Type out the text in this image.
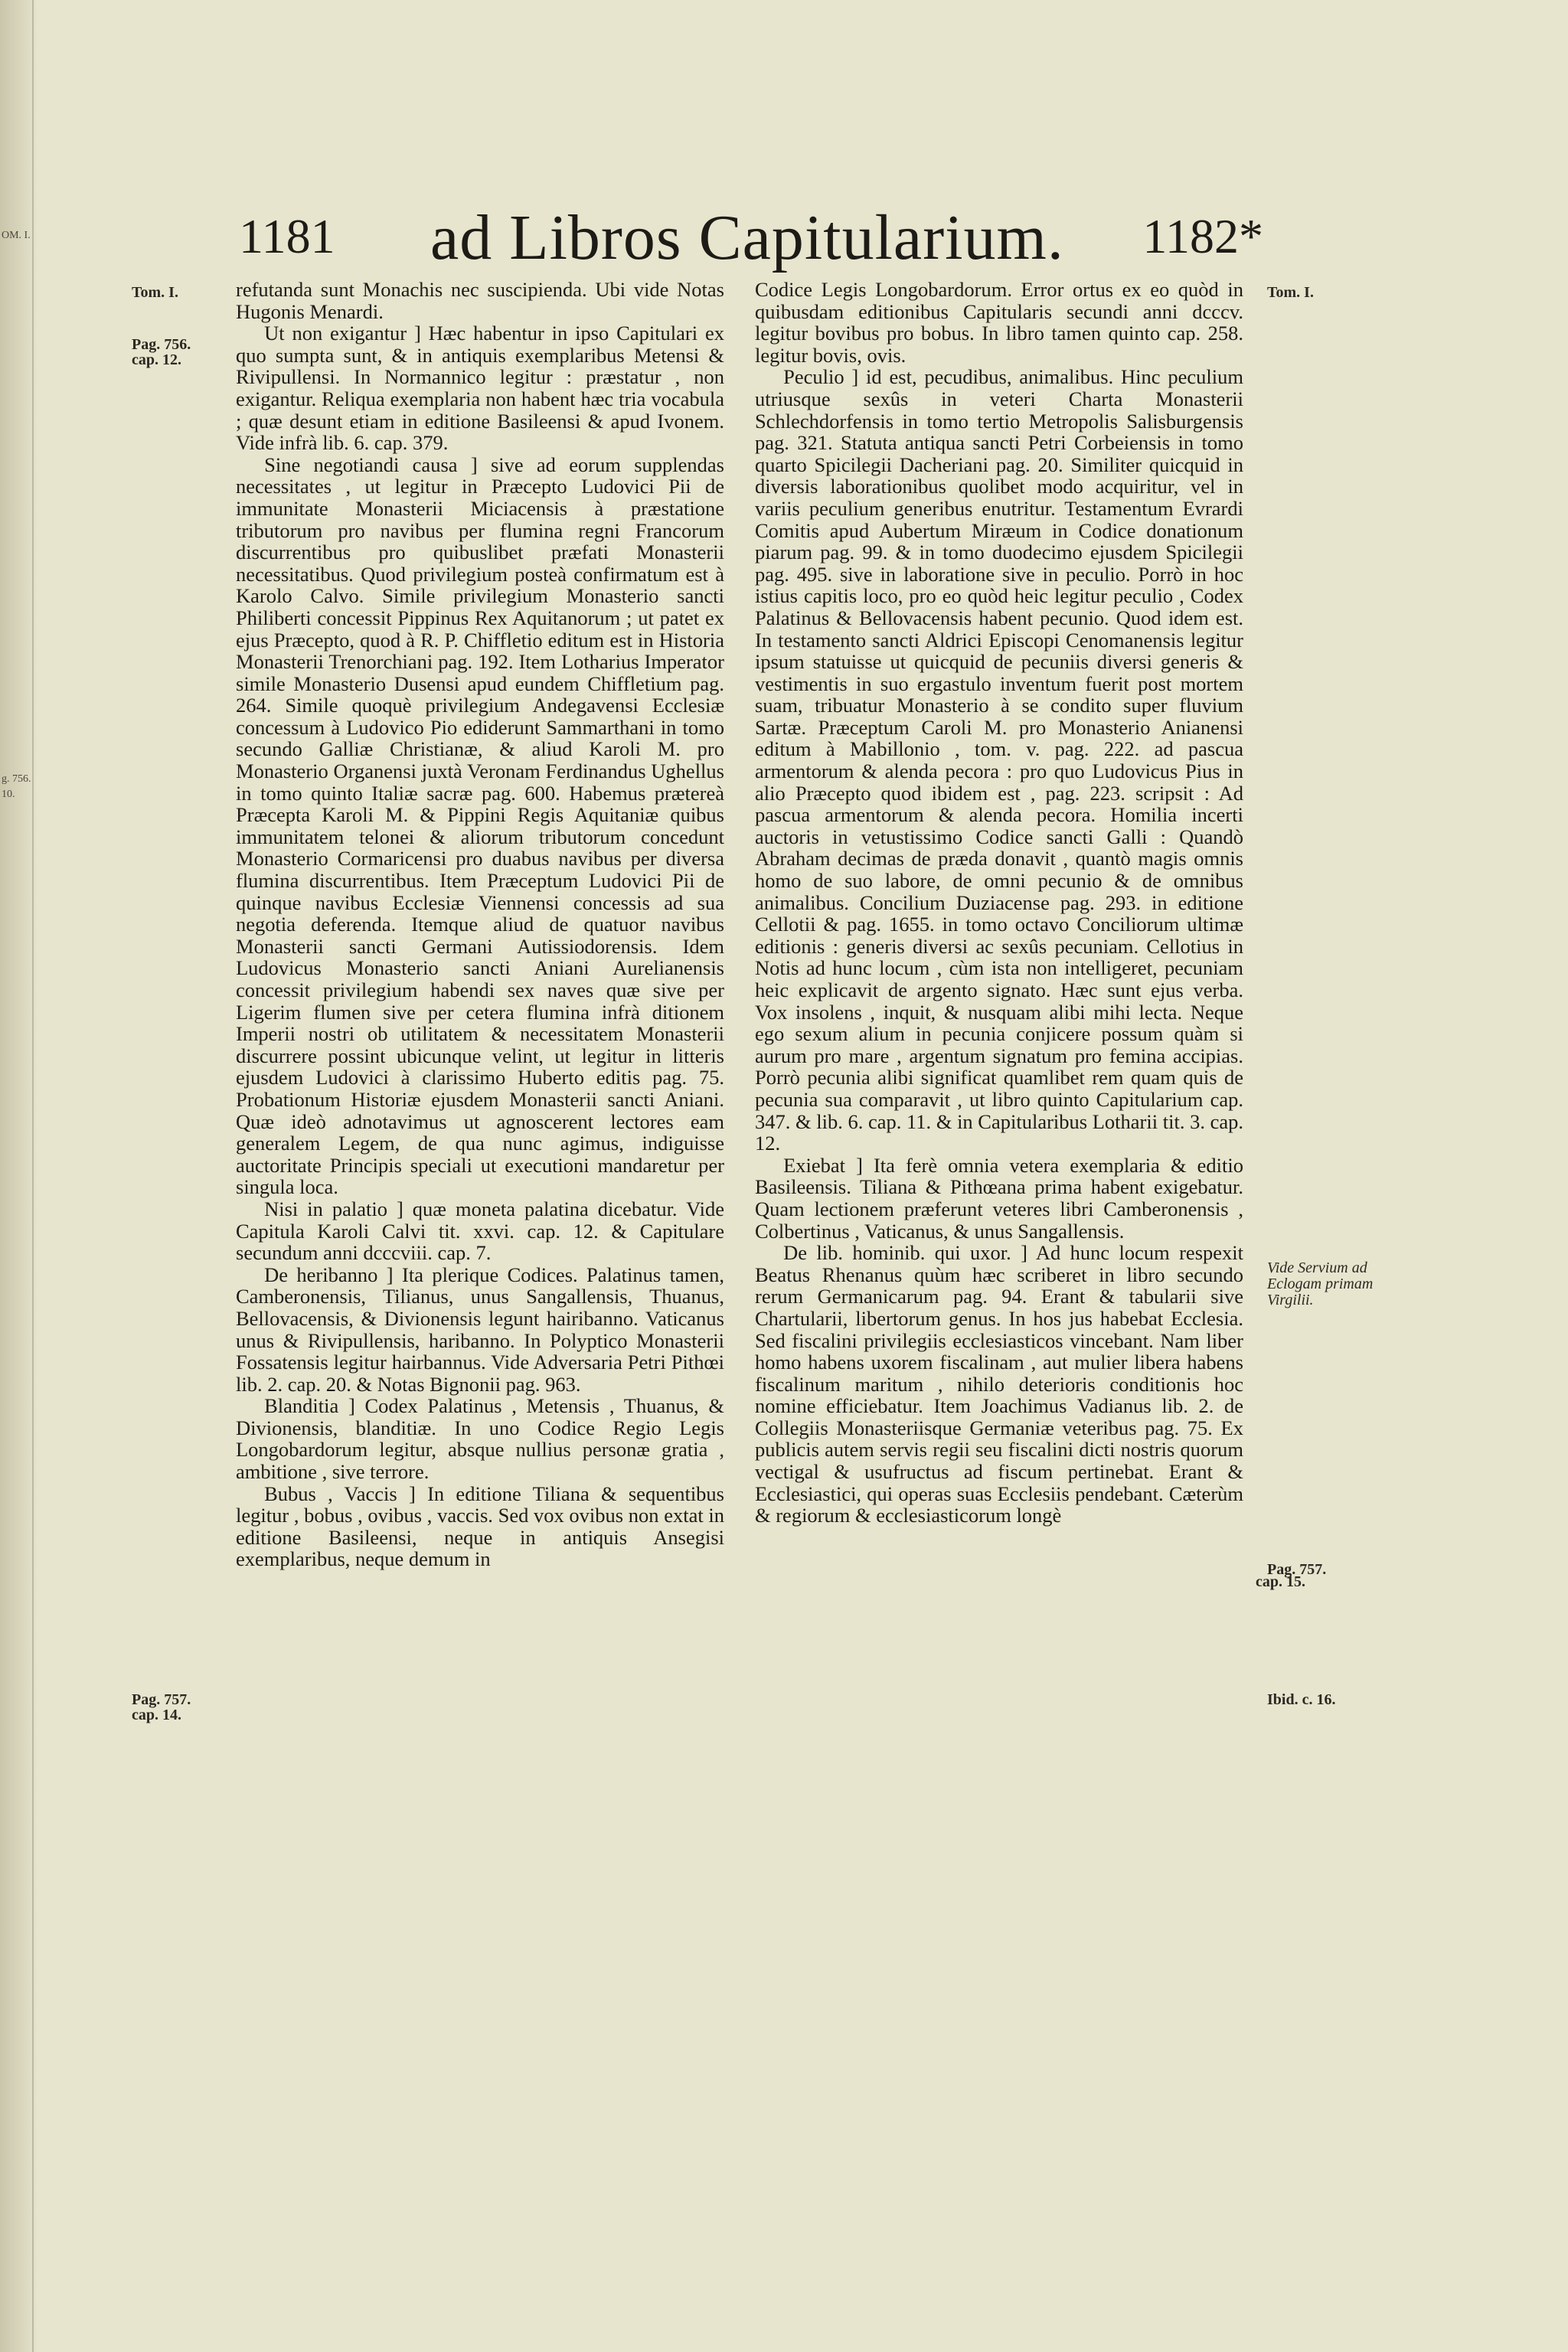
OM. I.
g. 756.
10.
1181 ad Libros Capitularium. 1182*
Tom. I.
Pag. 756.
cap. 12.
Pag. 757.
cap. 14.
Tom. I.
Vide Servium ad Eclogam primam Virgilii.
Pag. 757.
cap. 15.
Ibid. c. 16.

refutanda sunt Monachis nec suscipienda. Ubi vide Notas Hugonis Menardi.

Ut non exigantur ] Hæc habentur in ipso Capitulari ex quo sumpta sunt, & in antiquis exemplaribus Metensi & Rivipullensi. In Normannico legitur : præstatur , non exigantur. Reliqua exemplaria non habent hæc tria vocabula ; quæ desunt etiam in editione Basileensi & apud Ivonem. Vide infrà lib. 6. cap. 379.

Sine negotiandi causa ] sive ad eorum supplendas necessitates , ut legitur in Præcepto Ludovici Pii de immunitate Monasterii Miciacensis à præstatione tributorum pro navibus per flumina regni Francorum discurrentibus pro quibuslibet præfati Monasterii necessitatibus. Quod privilegium posteà confirmatum est à Karolo Calvo. Simile privilegium Monasterio sancti Philiberti concessit Pippinus Rex Aquitanorum ; ut patet ex ejus Præcepto, quod à R. P. Chiffletio editum est in Historia Monasterii Trenorchiani pag. 192. Item Lotharius Imperator simile Monasterio Dusensi apud eundem Chiffletium pag. 264. Simile quoquè privilegium Andegavensi Ecclesiæ concessum à Ludovico Pio ediderunt Sammarthani in tomo secundo Galliæ Christianæ, & aliud Karoli M. pro Monasterio Organensi juxtà Veronam Ferdinandus Ughellus in tomo quinto Italiæ sacræ pag. 600. Habemus prætereà Præcepta Karoli M. & Pippini Regis Aquitaniæ quibus immunitatem telonei & aliorum tributorum concedunt Monasterio Cormaricensi pro duabus navibus per diversa flumina discurrentibus. Item Præceptum Ludovici Pii de quinque navibus Ecclesiæ Viennensi concessis ad sua negotia deferenda. Itemque aliud de quatuor navibus Monasterii sancti Germani Autissiodorensis. Idem Ludovicus Monasterio sancti Aniani Aurelianensis concessit privilegium habendi sex naves quæ sive per Ligerim flumen sive per cetera flumina infrà ditionem Imperii nostri ob utilitatem & necessitatem Monasterii discurrere possint ubicunque velint, ut legitur in litteris ejusdem Ludovici à clarissimo Huberto editis pag. 75. Probationum Historiæ ejusdem Monasterii sancti Aniani. Quæ ideò adnotavimus ut agnoscerent lectores eam generalem Legem, de qua nunc agimus, indiguisse auctoritate Principis speciali ut executioni mandaretur per singula loca.

Nisi in palatio ] quæ moneta palatina dicebatur. Vide Capitula Karoli Calvi tit. xxvi. cap. 12. & Capitulare secundum anni dcccviii. cap. 7.

De heribanno ] Ita plerique Codices. Palatinus tamen, Camberonensis, Tilianus, unus Sangallensis, Thuanus, Bellovacensis, & Divionensis legunt hairibanno. Vaticanus unus & Rivipullensis, haribanno. In Polyptico Monasterii Fossatensis legitur hairbannus. Vide Adversaria Petri Pithœi lib. 2. cap. 20. & Notas Bignonii pag. 963.

Blanditia ] Codex Palatinus , Metensis , Thuanus, & Divionensis, blanditiæ. In uno Codice Regio Legis Longobardorum legitur, absque nullius personæ gratia , ambitione , sive terrore.

Bubus , Vaccis ] In editione Tiliana & sequentibus legitur , bobus , ovibus , vaccis. Sed vox ovibus non extat in editione Basileensi, neque in antiquis Ansegisi exemplaribus, neque demum in

Codice Legis Longobardorum. Error ortus ex eo quòd in quibusdam editionibus Capitularis secundi anni dcccv. legitur bovibus pro bobus. In libro tamen quinto cap. 258. legitur bovis, ovis.

Peculio ] id est, pecudibus, animalibus. Hinc peculium utriusque sexûs in veteri Charta Monasterii Schlechdorfensis in tomo tertio Metropolis Salisburgensis pag. 321. Statuta antiqua sancti Petri Corbeiensis in tomo quarto Spicilegii Dacheriani pag. 20. Similiter quicquid in diversis laborationibus quolibet modo acquiritur, vel in variis peculium generibus enutritur. Testamentum Evrardi Comitis apud Aubertum Miræum in Codice donationum piarum pag. 99. & in tomo duodecimo ejusdem Spicilegii pag. 495. sive in laboratione sive in peculio. Porrò in hoc istius capitis loco, pro eo quòd heic legitur peculio , Codex Palatinus & Bellovacensis habent pecunio. Quod idem est. In testamento sancti Aldrici Episcopi Cenomanensis legitur ipsum statuisse ut quicquid de pecuniis diversi generis & vestimentis in suo ergastulo inventum fuerit post mortem suam, tribuatur Monasterio à se condito super fluvium Sartæ. Præceptum Caroli M. pro Monasterio Anianensi editum à Mabillonio , tom. v. pag. 222. ad pascua armentorum & alenda pecora : pro quo Ludovicus Pius in alio Præcepto quod ibidem est , pag. 223. scripsit : Ad pascua armentorum & alenda pecora. Homilia incerti auctoris in vetustissimo Codice sancti Galli : Quandò Abraham decimas de præda donavit , quantò magis omnis homo de suo labore, de omni pecunio & de omnibus animalibus. Concilium Duziacense pag. 293. in editione Cellotii & pag. 1655. in tomo octavo Conciliorum ultimæ editionis : generis diversi ac sexûs pecuniam. Cellotius in Notis ad hunc locum , cùm ista non intelligeret, pecuniam heic explicavit de argento signato. Hæc sunt ejus verba. Vox insolens , inquit, & nusquam alibi mihi lecta. Neque ego sexum alium in pecunia conjicere possum quàm si aurum pro mare , argentum signatum pro femina accipias. Porrò pecunia alibi significat quamlibet rem quam quis de pecunia sua comparavit , ut libro quinto Capitularium cap. 347. & lib. 6. cap. 11. & in Capitularibus Lotharii tit. 3. cap. 12.

Exiebat ] Ita ferè omnia vetera exemplaria & editio Basileensis. Tiliana & Pithœana prima habent exigebatur. Quam lectionem præferunt veteres libri Camberonensis , Colbertinus , Vaticanus, & unus Sangallensis.

De lib. hominib. qui uxor. ] Ad hunc locum respexit Beatus Rhenanus quùm hæc scriberet in libro secundo rerum Germanicarum pag. 94. Erant & tabularii sive Chartularii, libertorum genus. In hos jus habebat Ecclesia. Sed fiscalini privilegiis ecclesiasticos vincebant. Nam liber homo habens uxorem fiscalinam , aut mulier libera habens fiscalinum maritum , nihilo deterioris conditionis hoc nomine efficiebatur. Item Joachimus Vadianus lib. 2. de Collegiis Monasteriisque Germaniæ veteribus pag. 75. Ex publicis autem servis regii seu fiscalini dicti nostris quorum vectigal & usufructus ad fiscum pertinebat. Erant & Ecclesiastici, qui operas suas Ecclesiis pendebant. Cæterùm & regiorum & ecclesiasticorum longè
